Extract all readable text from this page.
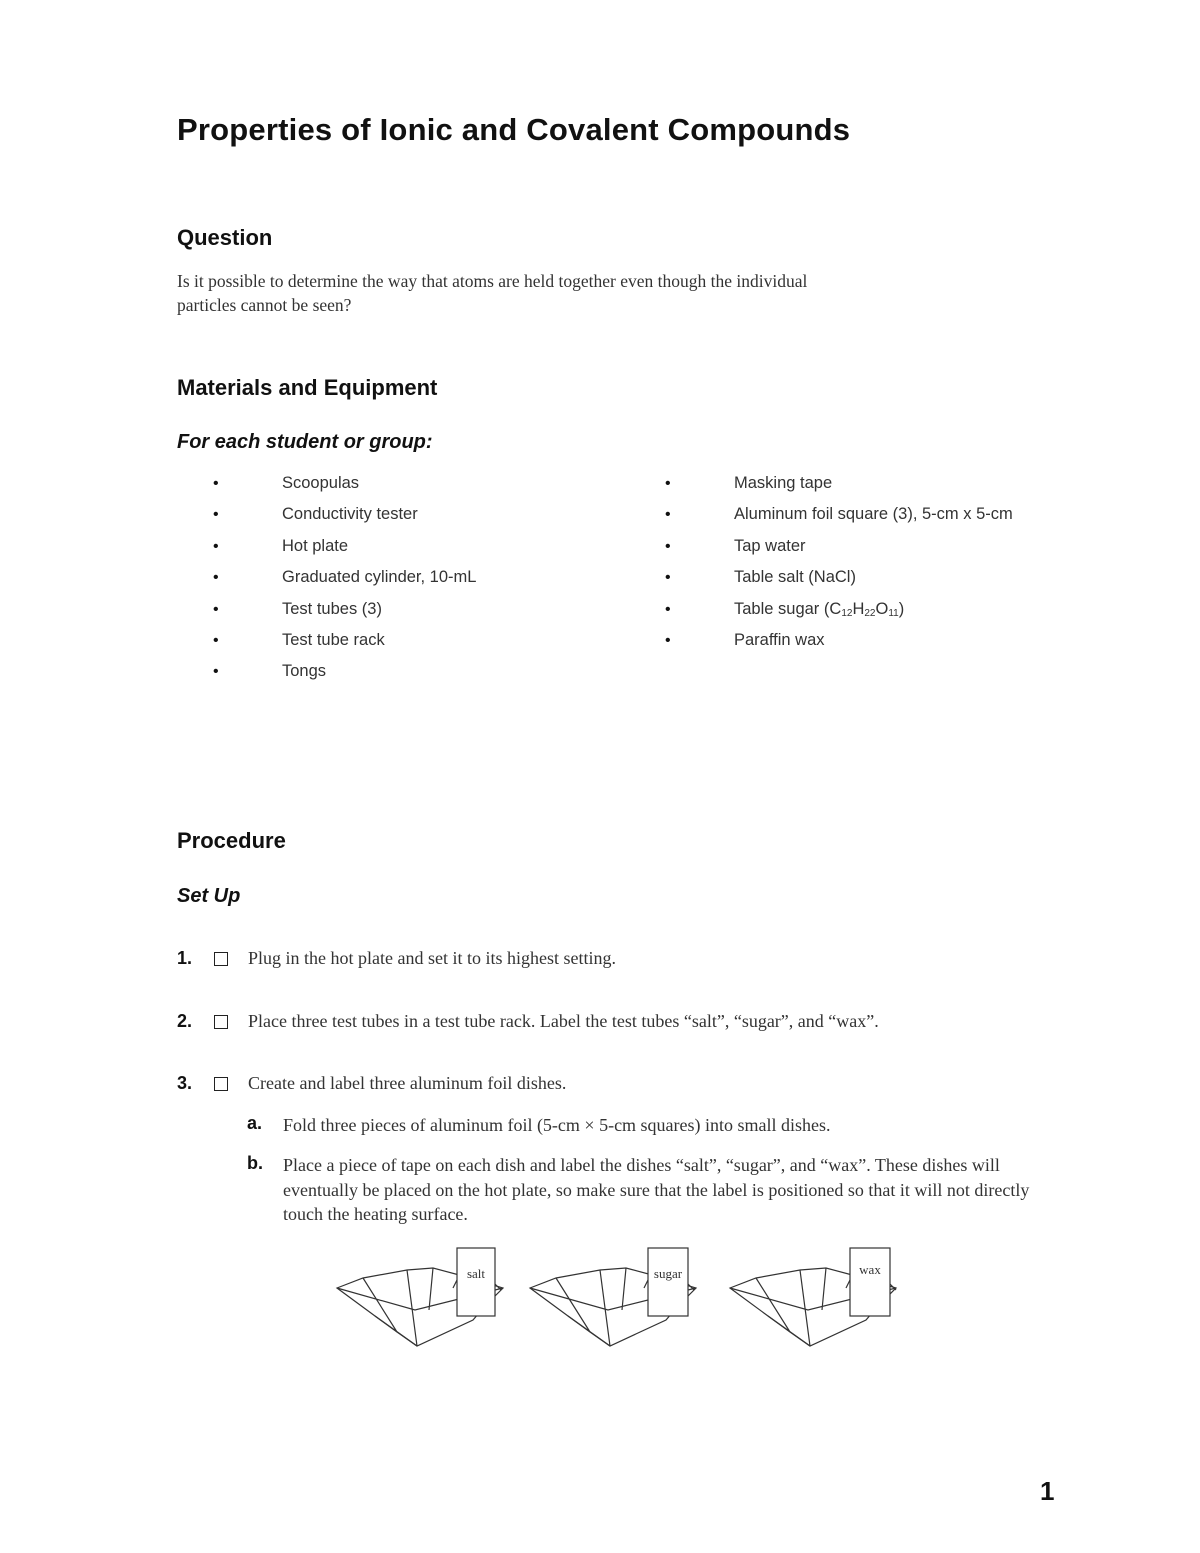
Properties of Ionic and Covalent Compounds
Question
Is it possible to determine the way that atoms are held together even though the individual
particles cannot be seen?
Materials and Equipment
For each student or group:
•	Scoopulas
•	Conductivity tester
•	Hot plate
•	Graduated cylinder, 10-mL
•	Test tubes (3)
•	Test tube rack
•	Tongs
•	Masking tape
•	Aluminum foil square (3), 5-cm x 5-cm
•	Tap water
•	Table salt (NaCl)
•	Table sugar $(C_{12}H_{22}O_{11})$
•	Paraffin wax
Procedure
Set Up
1.	Plug in the hot plate and set it to its highest setting.
2.	Place three test tubes in a test tube rack. Label the test tubes “salt”, “sugar”, and “wax”.
3.	Create and label three aluminum foil dishes.
a. Fold three pieces of aluminum foil (5-cm × 5-cm squares) into small dishes.
b. Place a piece of tape on each dish and label the dishes “salt”, “sugar”, and “wax”. These dishes will eventually be placed on the hot plate, so make sure that the label is positioned so that it will not directly touch the heating surface.
salt	sugar	wax
1
